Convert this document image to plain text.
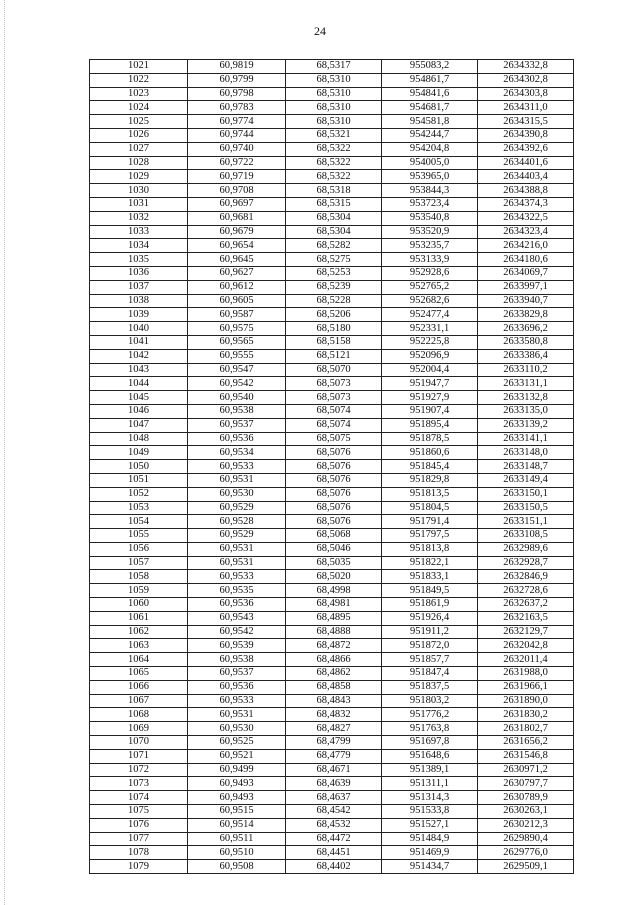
24
1021	60,9819	68,5317	955083,2	2634332,8
1022	60,9799	68,5310	954861,7	2634302,8
1023	60,9798	68,5310	954841,6	2634303,8
1024	60,9783	68,5310	954681,7	2634311,0
1025	60,9774	68,5310	954581,8	2634315,5
1026	60,9744	68,5321	954244,7	2634390,8
1027	60,9740	68,5322	954204,8	2634392,6
1028	60,9722	68,5322	954005,0	2634401,6
1029	60,9719	68,5322	953965,0	2634403,4
1030	60,9708	68,5318	953844,3	2634388,8
1031	60,9697	68,5315	953723,4	2634374,3
1032	60,9681	68,5304	953540,8	2634322,5
1033	60,9679	68,5304	953520,9	2634323,4
1034	60,9654	68,5282	953235,7	2634216,0
1035	60,9645	68,5275	953133,9	2634180,6
1036	60,9627	68,5253	952928,6	2634069,7
1037	60,9612	68,5239	952765,2	2633997,1
1038	60,9605	68,5228	952682,6	2633940,7
1039	60,9587	68,5206	952477,4	2633829,8
1040	60,9575	68,5180	952331,1	2633696,2
1041	60,9565	68,5158	952225,8	2633580,8
1042	60,9555	68,5121	952096,9	2633386,4
1043	60,9547	68,5070	952004,4	2633110,2
1044	60,9542	68,5073	951947,7	2633131,1
1045	60,9540	68,5073	951927,9	2633132,8
1046	60,9538	68,5074	951907,4	2633135,0
1047	60,9537	68,5074	951895,4	2633139,2
1048	60,9536	68,5075	951878,5	2633141,1
1049	60,9534	68,5076	951860,6	2633148,0
1050	60,9533	68,5076	951845,4	2633148,7
1051	60,9531	68,5076	951829,8	2633149,4
1052	60,9530	68,5076	951813,5	2633150,1
1053	60,9529	68,5076	951804,5	2633150,5
1054	60,9528	68,5076	951791,4	2633151,1
1055	60,9529	68,5068	951797,5	2633108,5
1056	60,9531	68,5046	951813,8	2632989,6
1057	60,9531	68,5035	951822,1	2632928,7
1058	60,9533	68,5020	951833,1	2632846,9
1059	60,9535	68,4998	951849,5	2632728,6
1060	60,9536	68,4981	951861,9	2632637,2
1061	60,9543	68,4895	951926,4	2632163,5
1062	60,9542	68,4888	951911,2	2632129,7
1063	60,9539	68,4872	951872,0	2632042,8
1064	60,9538	68,4866	951857,7	2632011,4
1065	60,9537	68,4862	951847,4	2631988,0
1066	60,9536	68,4858	951837,5	2631966,1
1067	60,9533	68,4843	951803,2	2631890,0
1068	60,9531	68,4832	951776,2	2631830,2
1069	60,9530	68,4827	951763,8	2631802,7
1070	60,9525	68,4799	951697,8	2631656,2
1071	60,9521	68,4779	951648,6	2631546,8
1072	60,9499	68,4671	951389,1	2630971,2
1073	60,9493	68,4639	951311,1	2630797,7
1074	60,9493	68,4637	951314,3	2630789,9
1075	60,9515	68,4542	951533,8	2630263,1
1076	60,9514	68,4532	951527,1	2630212,3
1077	60,9511	68,4472	951484,9	2629890,4
1078	60,9510	68,4451	951469,9	2629776,0
1079	60,9508	68,4402	951434,7	2629509,1
